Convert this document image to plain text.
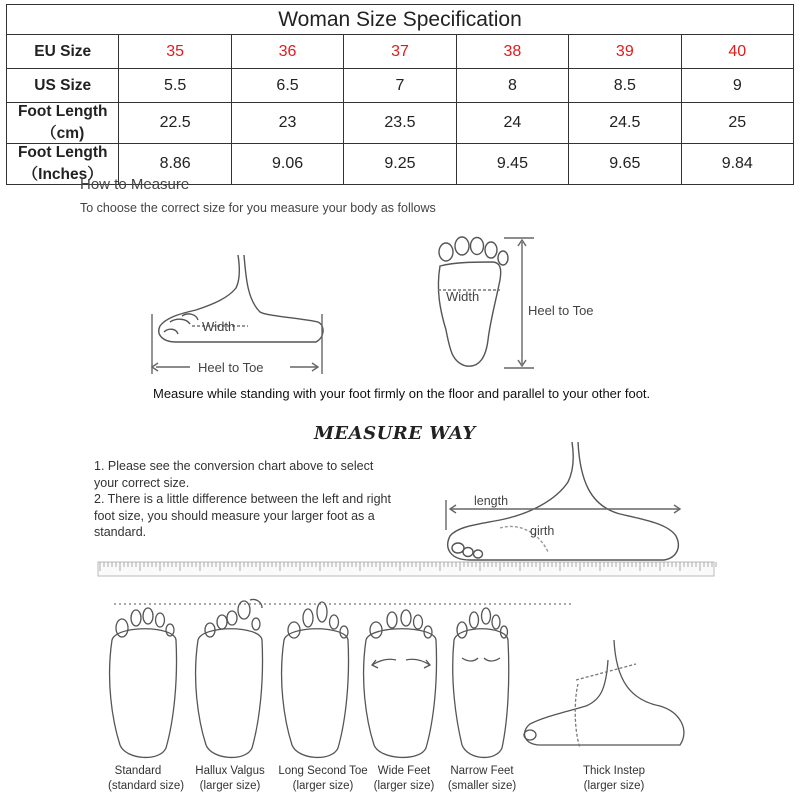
Woman Size Specification						
EU Size	35	36	37	38	39	40
US Size	5.5	6.5	7	8	8.5	9
Foot Length（cm)	22.5	23	23.5	24	24.5	25
Foot Length（Inches）	8.86	9.06	9.25	9.45	9.65	9.84
How to Measure
To choose the correct size for you measure your body as follows
Width
Heel to Toe
Width
Heel to Toe
length
girth
Measure while standing with your foot firmly on the floor and parallel to your other foot.
MEASURE WAY
1. Please see the conversion chart above to select your correct size.
2. There is a little difference between the left and right foot size, you should measure your larger foot as a standard.
Standard
(standard size)
Hallux Valgus
(larger size)
Long Second Toe
(larger size)
Wide Feet
(larger size)
Narrow Feet
(smaller size)
Thick Instep
(larger size)
